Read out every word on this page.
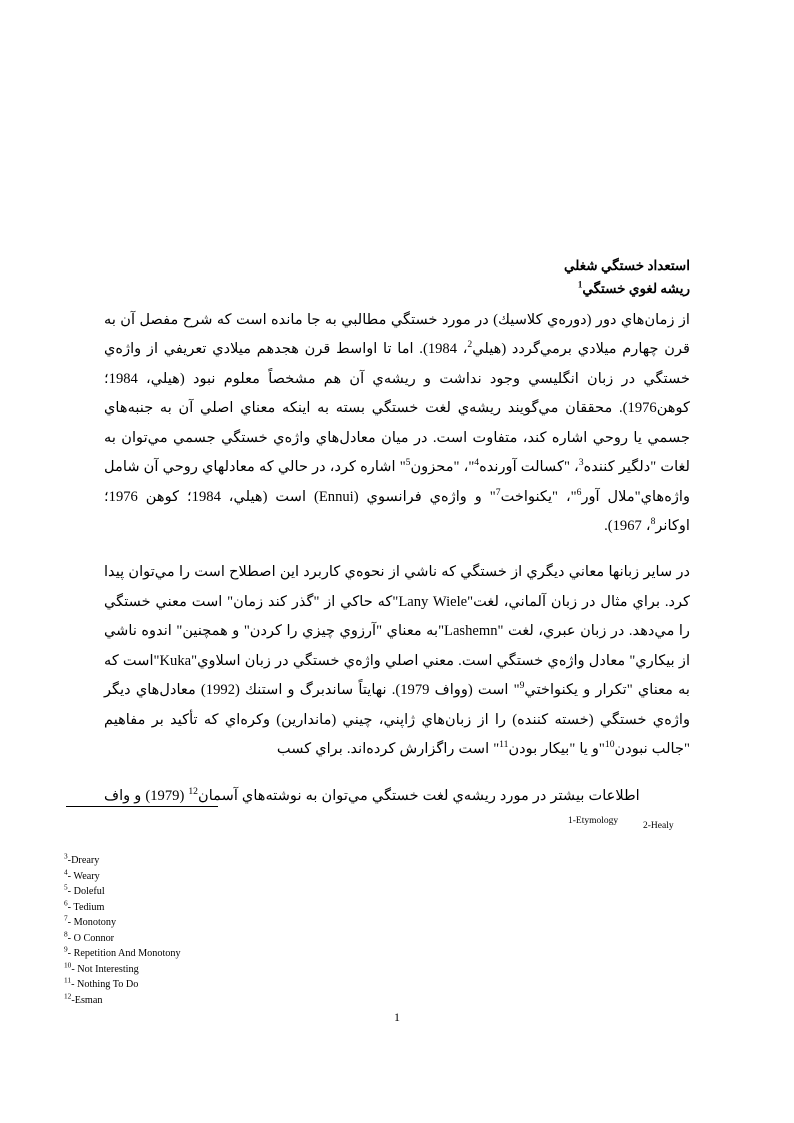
استعداد خستگي شغلي
ريشه لغوي خستگي$^1$

از زمان‌هاي دور (دوره‌ي كلاسيك) در مورد خستگي مطالبي به جا مانده است كه شرح مفصل آن به قرن چهارم ميلادي برمي‌گردد (هيلي$^2$، 1984). اما تا اواسط قرن هجدهم ميلادي تعريفي از واژه‌ي خستگي در زبان انگليسي وجود نداشت و ريشه‌ي آن هم مشخصاً معلوم نبود (هيلي، 1984؛كوهن1976). محققان مي‌گويند ريشه‌ي لغت خستگي بسته به اينكه معناي اصلي آن به جنبه‌هاي جسمي يا روحي اشاره كند، متفاوت است. در ميان معادل‌هاي واژه‌ي خستگي جسمي مي‌توان به لغات "دلگير كننده$^3$، "كسالت آورنده$^4$"، "محزون$^5$" اشاره كرد، در حالي كه معادلهاي روحي آن شامل واژه‌هاي"ملال آور$^6$"، "يكنواخت$^7$" و واژه‌ي فرانسوي (Ennui) است (هيلي، 1984؛ كوهن 1976؛ اوكانر$^8$، 1967).

در ساير زبانها معاني ديگري از خستگي كه ناشي از نحوه‌ي كاربرد اين اصطلاح است را مي‌توان پيدا كرد. براي مثال در زبان آلماني، لغت"Lany Wiele"كه حاكي از "گذر كند زمان" است معني خستگي را مي‌دهد. در زبان عبري، لغت "Lashemn"به معناي "آرزوي چيزي را كردن" و همچنين" اندوه ناشي از بيكاري" معادل واژه‌ي خستگي است. معني اصلي واژه‌ي خستگي در زبان اسلاوي"Kuka"است كه به معناي "تكرار و يكنواختي$^9$" است (وواف 1979). نهايتاً ساندبرگ و استنك (1992) معادل‌هاي ديگر واژه‌ي خستگي (خسته كننده) را از زبان‌هاي ژاپني، چيني (ماندارين) وكره‌اي كه تأكيد بر مفاهيم "جالب نبودن$^{10}$"و يا "بيكار بودن$^{11}$" است راگزارش كرده‌اند. براي كسب

اطلاعات بيشتر در مورد ريشه‌ي لغت خستگي مي‌توان به نوشته‌هاي آسمان$^{12}$ (1979) و واف

1-Etymology	2-Healy
$^3$-Dreary
$^4$- Weary
$^5$- Doleful
$^6$- Tedium
$^7$- Monotony
$^8$- O Connor
$^9$- Repetition And Monotony
$^{10}$- Not Interesting
$^{11}$- Nothing To Do
$^{12}$-Esman
1
